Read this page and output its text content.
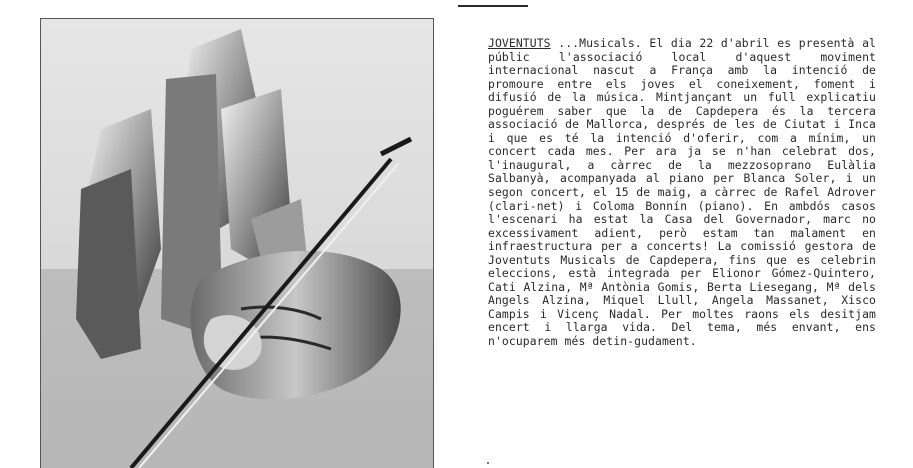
JOVENTUTS ...Musicals. El dia 22 d'abril es presentà al públic l'associació local d'aquest moviment internacional nascut a França amb la intenció de promoure entre els joves el coneixement, foment i difusió de la música. Mintjançant un full explicatiu poguérem saber que la de Capdepera és la tercera associació de Mallorca, després de les de Ciutat i Inca i que es té la intenció d'oferir, com a mínim, un concert cada mes. Per ara ja se n'han celebrat dos, l'inaugural, a càrrec de la mezzosoprano Eulàlia Salbanyà, acompanyada al piano per Blanca Soler, i un segon concert, el 15 de maig, a càrrec de Rafel Adrover (clari-net) i Coloma Bonnín (piano). En ambdós casos l'escenari ha estat la Casa del Governador, marc no excessivament adient, però estam tan malament en infraestructura per a concerts! La comissió gestora de Joventuts Musicals de Capdepera, fins que es celebrin eleccions, està integrada per Elionor Gómez-Quintero, Cati Alzina, Mª Antònia Gomis, Berta Liesegang, Mª dels Angels Alzina, Miquel Llull, Angela Massanet, Xisco Campis i Vicenç Nadal. Per moltes raons els desitjam encert i llarga vida. Del tema, més envant, ens n'ocuparem més detin-gudament.
